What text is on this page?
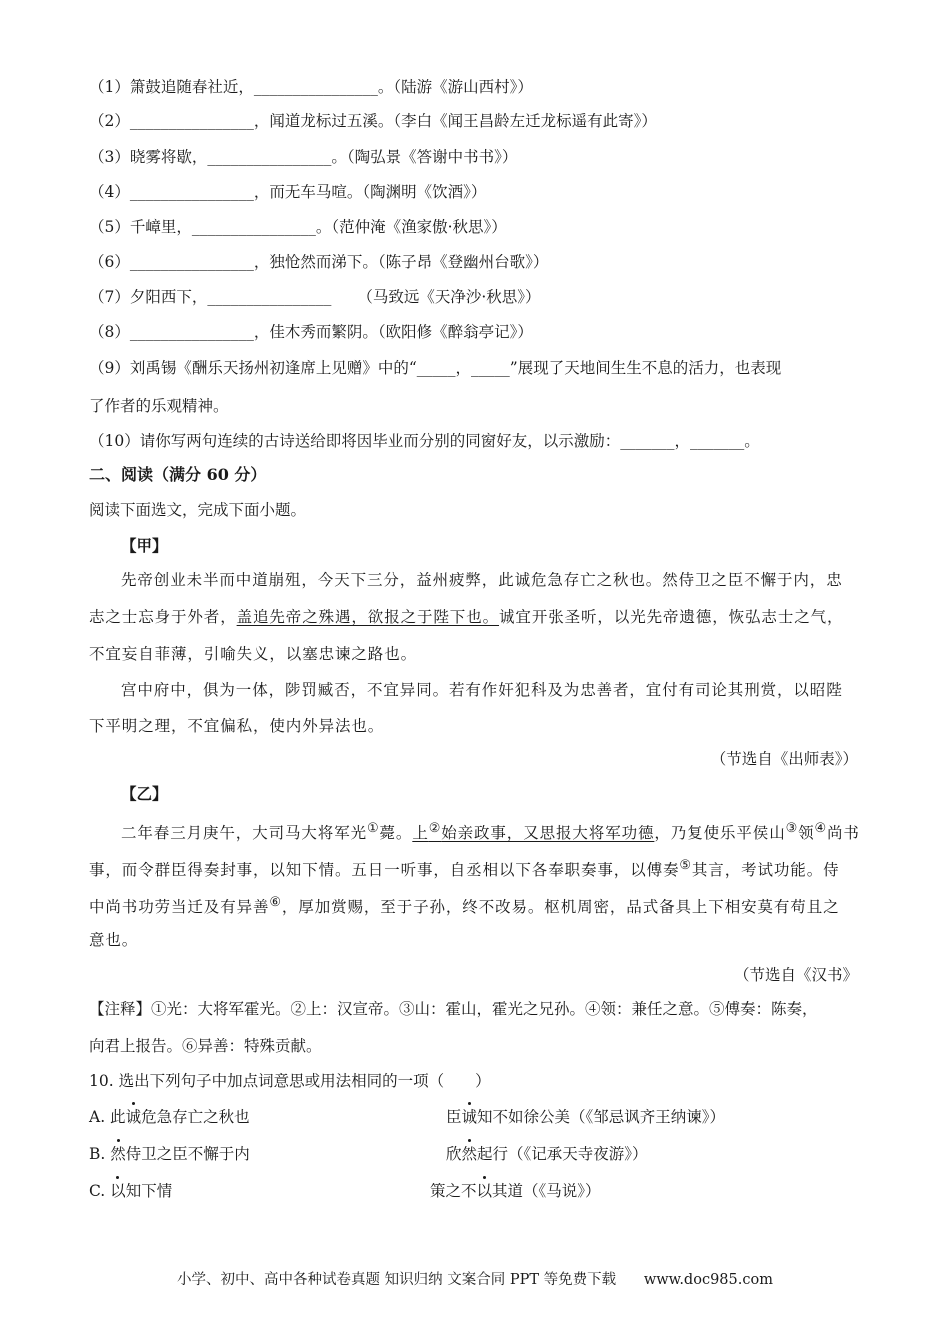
（1）箫鼓追随春社近，________________。（陆游《游山西村》）
（2）________________，闻道龙标过五溪。（李白《闻王昌龄左迁龙标遥有此寄》）
（3）晓雾将歇，________________。（陶弘景《答谢中书书》）
（4）________________，而无车马喧。（陶渊明《饮酒》）
（5）千嶂里，________________。（范仲淹《渔家傲·秋思》）
（6）________________，独怆然而涕下。（陈子昂《登幽州台歌》）
（7）夕阳西下，________________ （马致远《天净沙·秋思》）
（8）________________，佳木秀而繁阴。（欧阳修《醉翁亭记》）
（9）刘禹锡《酬乐天扬州初逢席上见赠》中的“_____，_____”展现了天地间生生不息的活力，也表现
了作者的乐观精神。
（10）请你写两句连续的古诗送给即将因毕业而分别的同窗好友，以示激励：_______，_______。
二、阅读（满分 60 分）
阅读下面选文，完成下面小题。
【甲】
先帝创业未半而中道崩殂，今天下三分，益州疲弊，此诚危急存亡之秋也。然侍卫之臣不懈于内，忠
志之士忘身于外者，盖追先帝之殊遇，欲报之于陛下也。诚宜开张圣听，以光先帝遗德，恢弘志士之气，
不宜妄自菲薄，引喻失义，以塞忠谏之路也。
宫中府中，俱为一体，陟罚臧否，不宜异同。若有作奸犯科及为忠善者，宜付有司论其刑赏，以昭陛
下平明之理，不宜偏私，使内外异法也。
（节选自《出师表》）
【乙】
二年春三月庚午，大司马大将军光①薨。上②始亲政事，又思报大将军功德，乃复使乐平侯山③领④尚书
事，而令群臣得奏封事，以知下情。五日一听事，自丞相以下各奉职奏事，以傅奏⑤其言，考试功能。侍
中尚书功劳当迁及有异善⑥，厚加赏赐，至于子孙，终不改易。枢机周密，品式备具上下相安莫有苟且之
意也。
（节选自《汉书》
【注释】①光：大将军霍光。②上：汉宣帝。③山：霍山，霍光之兄孙。④领：兼任之意。⑤傅奏：陈奏，
向君上报告。⑥异善：特殊贡献。
10. 选出下列句子中加点词意思或用法相同的一项（　　）
A. 此诚危急存亡之秋也	臣诚知不如徐公美（《邹忌讽齐王纳谏》）
B. 然侍卫之臣不懈于内	欣然起行（《记承天寺夜游》）
C. 以知下情	策之不以其道（《马说》）
小学、初中、高中各种试卷真题 知识归纳 文案合同 PPT 等免费下载 www.doc985.com
